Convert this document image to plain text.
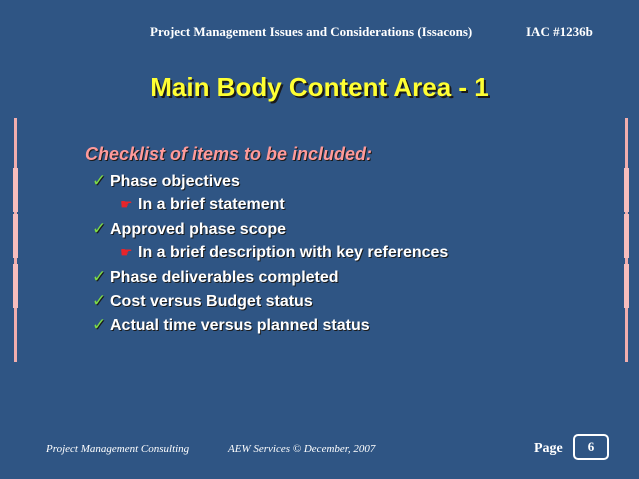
Project Management Issues and Considerations (Issacons)	IAC #1236b
Main Body Content Area - 1
Checklist of items to be included:
✓ Phase objectives
☛ In a brief statement
✓ Approved phase scope
☛ In a brief description with key references
✓ Phase deliverables completed
✓ Cost versus Budget status
✓ Actual time versus planned status
Project Management Consulting	AEW Services © December, 2007	Page	6
